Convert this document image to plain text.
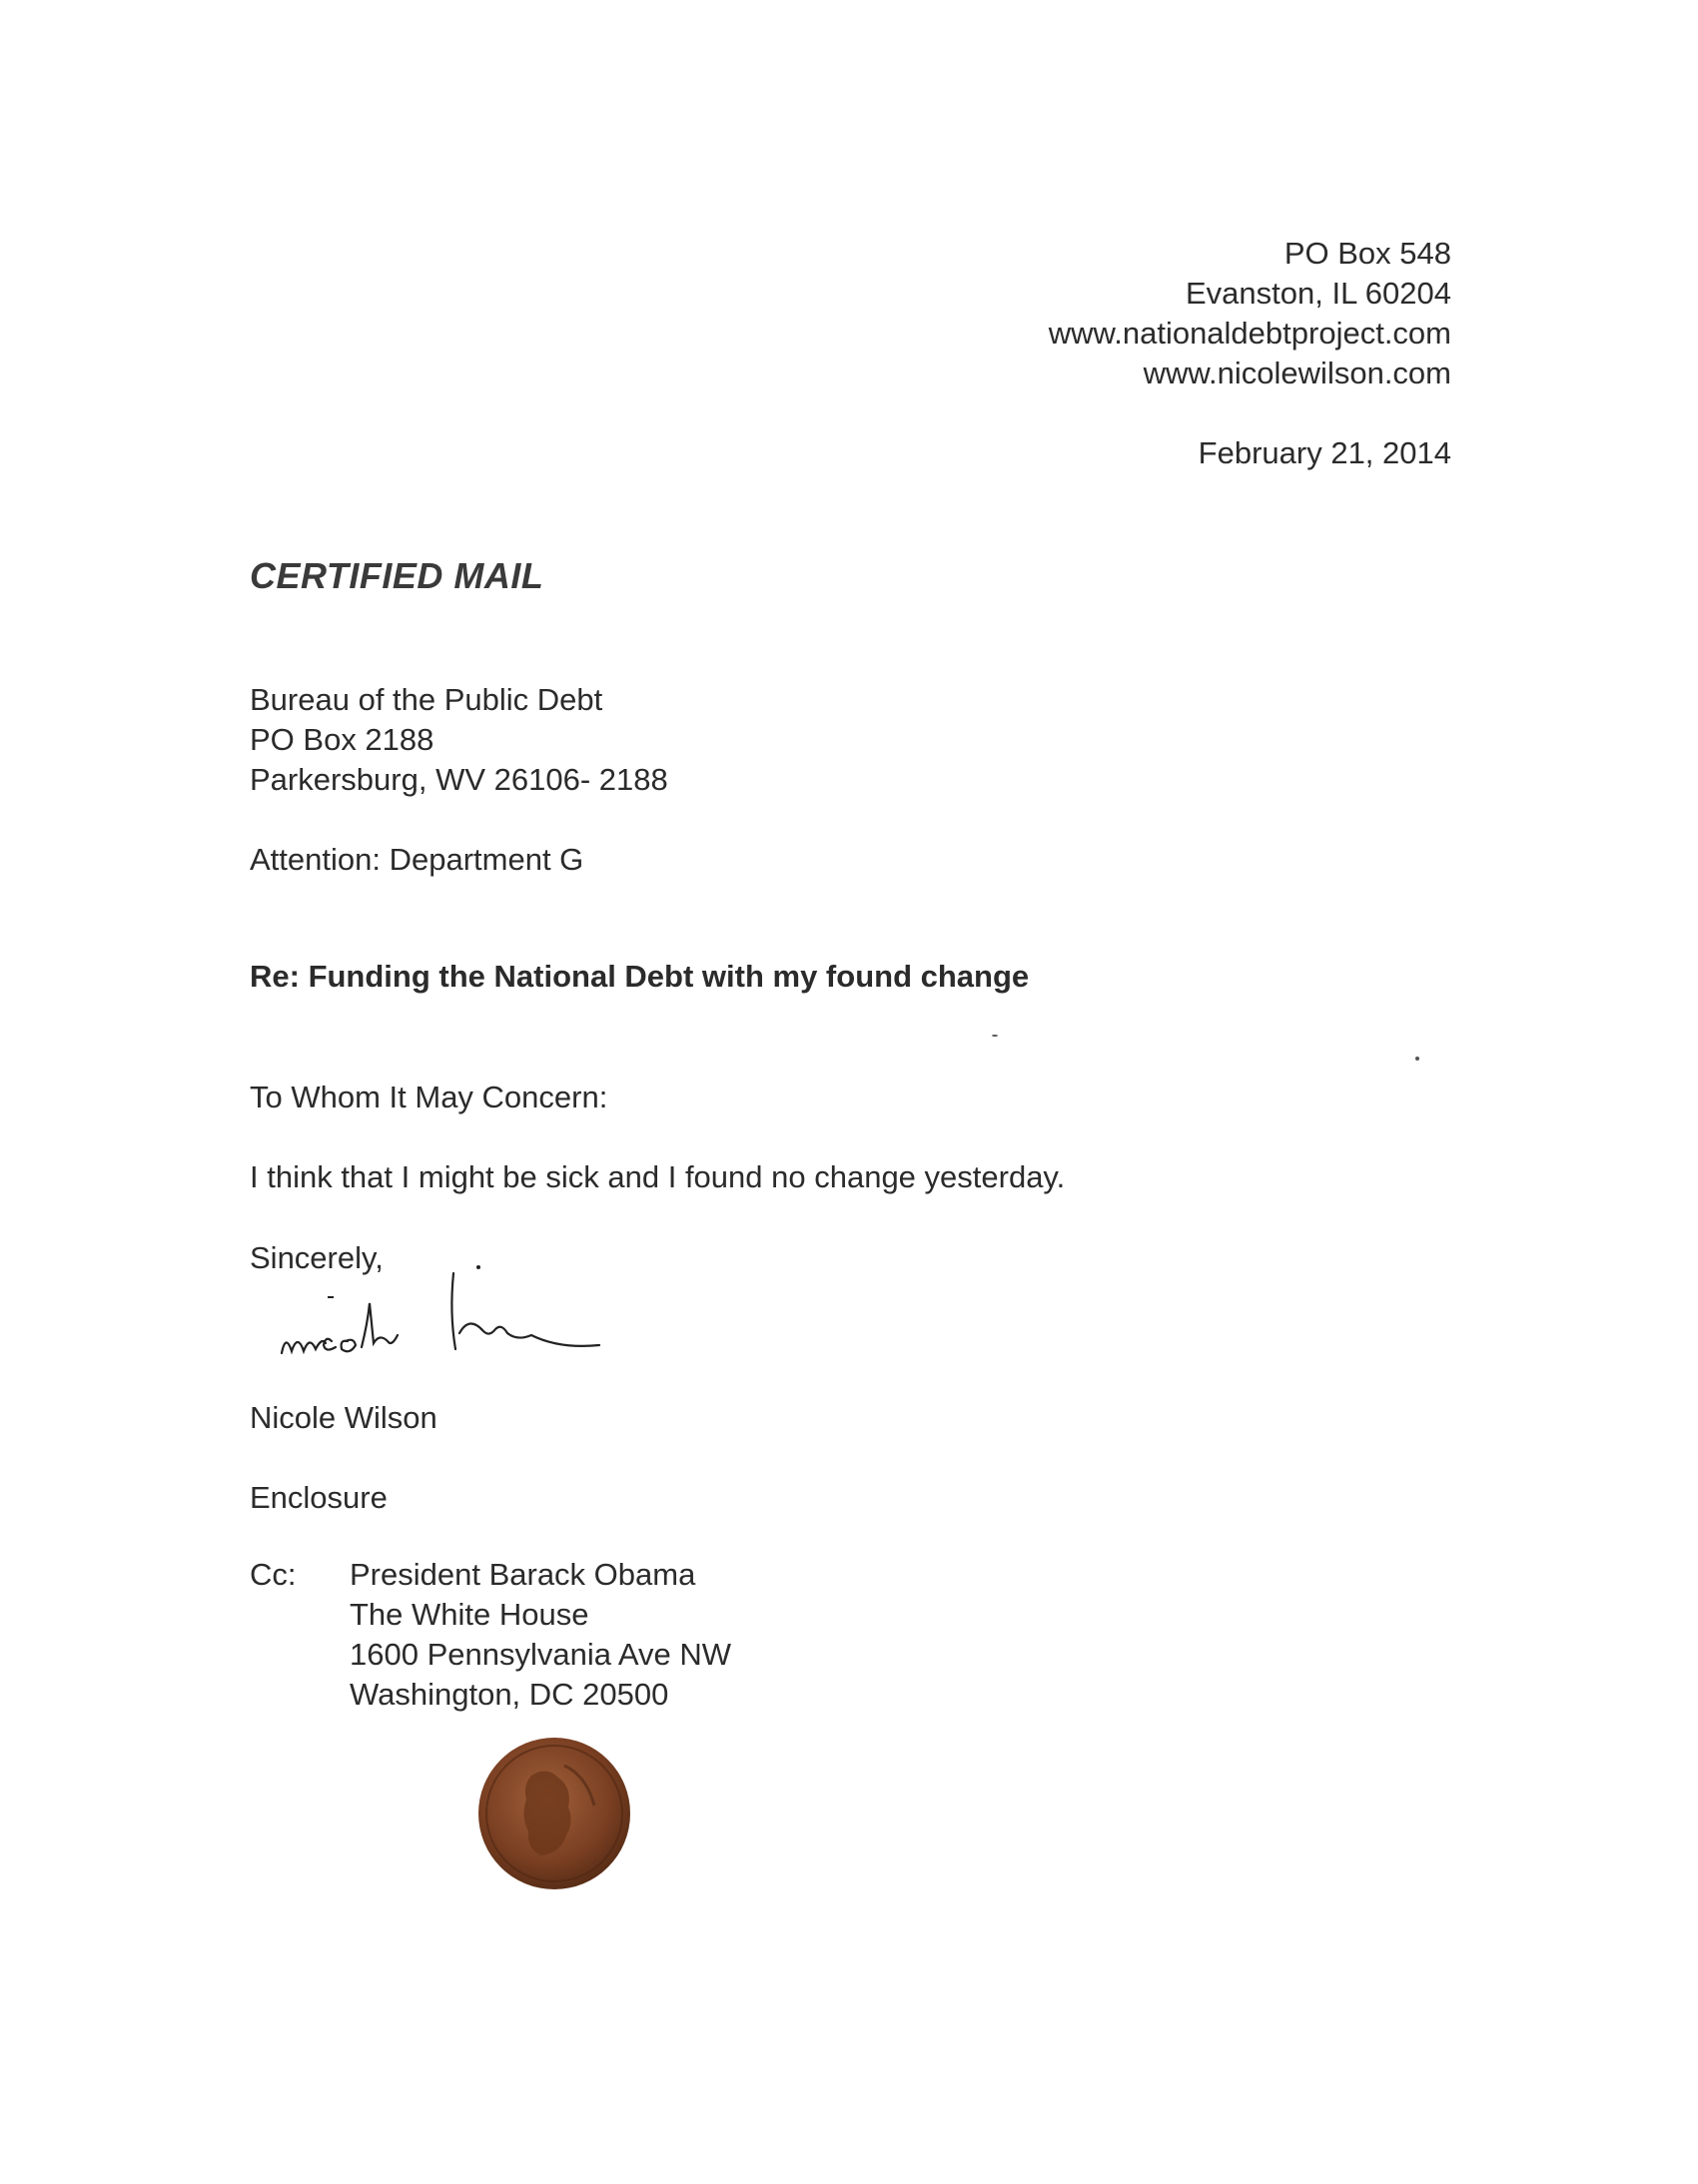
PO Box 548
Evanston, IL 60204
www.nationaldebtproject.com
www.nicolewilson.com
February 21, 2014
CERTIFIED MAIL
Bureau of the Public Debt
PO Box 2188
Parkersburg, WV 26106- 2188
Attention: Department G
Re: Funding the National Debt with my found change
To Whom It May Concern:
I think that I might be sick and I found no change yesterday.
Sincerely,
Nicole Wilson
Enclosure
Cc: President Barack Obama
The White House
1600 Pennsylvania Ave NW
Washington, DC 20500
